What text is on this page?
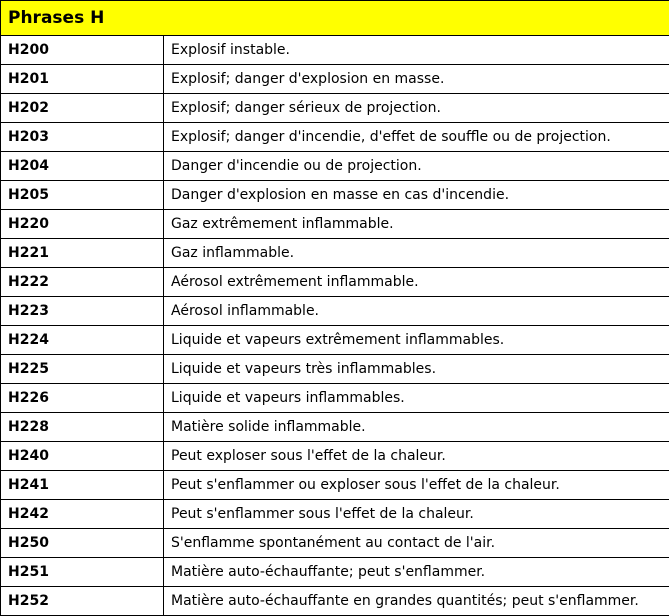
Phrases H	
H200	Explosif instable.
H201	Explosif; danger d'explosion en masse.
H202	Explosif; danger sérieux de projection.
H203	Explosif; danger d'incendie, d'effet de souffle ou de projection.
H204	Danger d'incendie ou de projection.
H205	Danger d'explosion en masse en cas d'incendie.
H220	Gaz extrêmement inflammable.
H221	Gaz inflammable.
H222	Aérosol extrêmement inflammable.
H223	Aérosol inflammable.
H224	Liquide et vapeurs extrêmement inflammables.
H225	Liquide et vapeurs très inflammables.
H226	Liquide et vapeurs inflammables.
H228	Matière solide inflammable.
H240	Peut exploser sous l'effet de la chaleur.
H241	Peut s'enflammer ou exploser sous l'effet de la chaleur.
H242	Peut s'enflammer sous l'effet de la chaleur.
H250	S'enflamme spontanément au contact de l'air.
H251	Matière auto-échauffante; peut s'enflammer.
H252	Matière auto-échauffante en grandes quantités; peut s'enflammer.
